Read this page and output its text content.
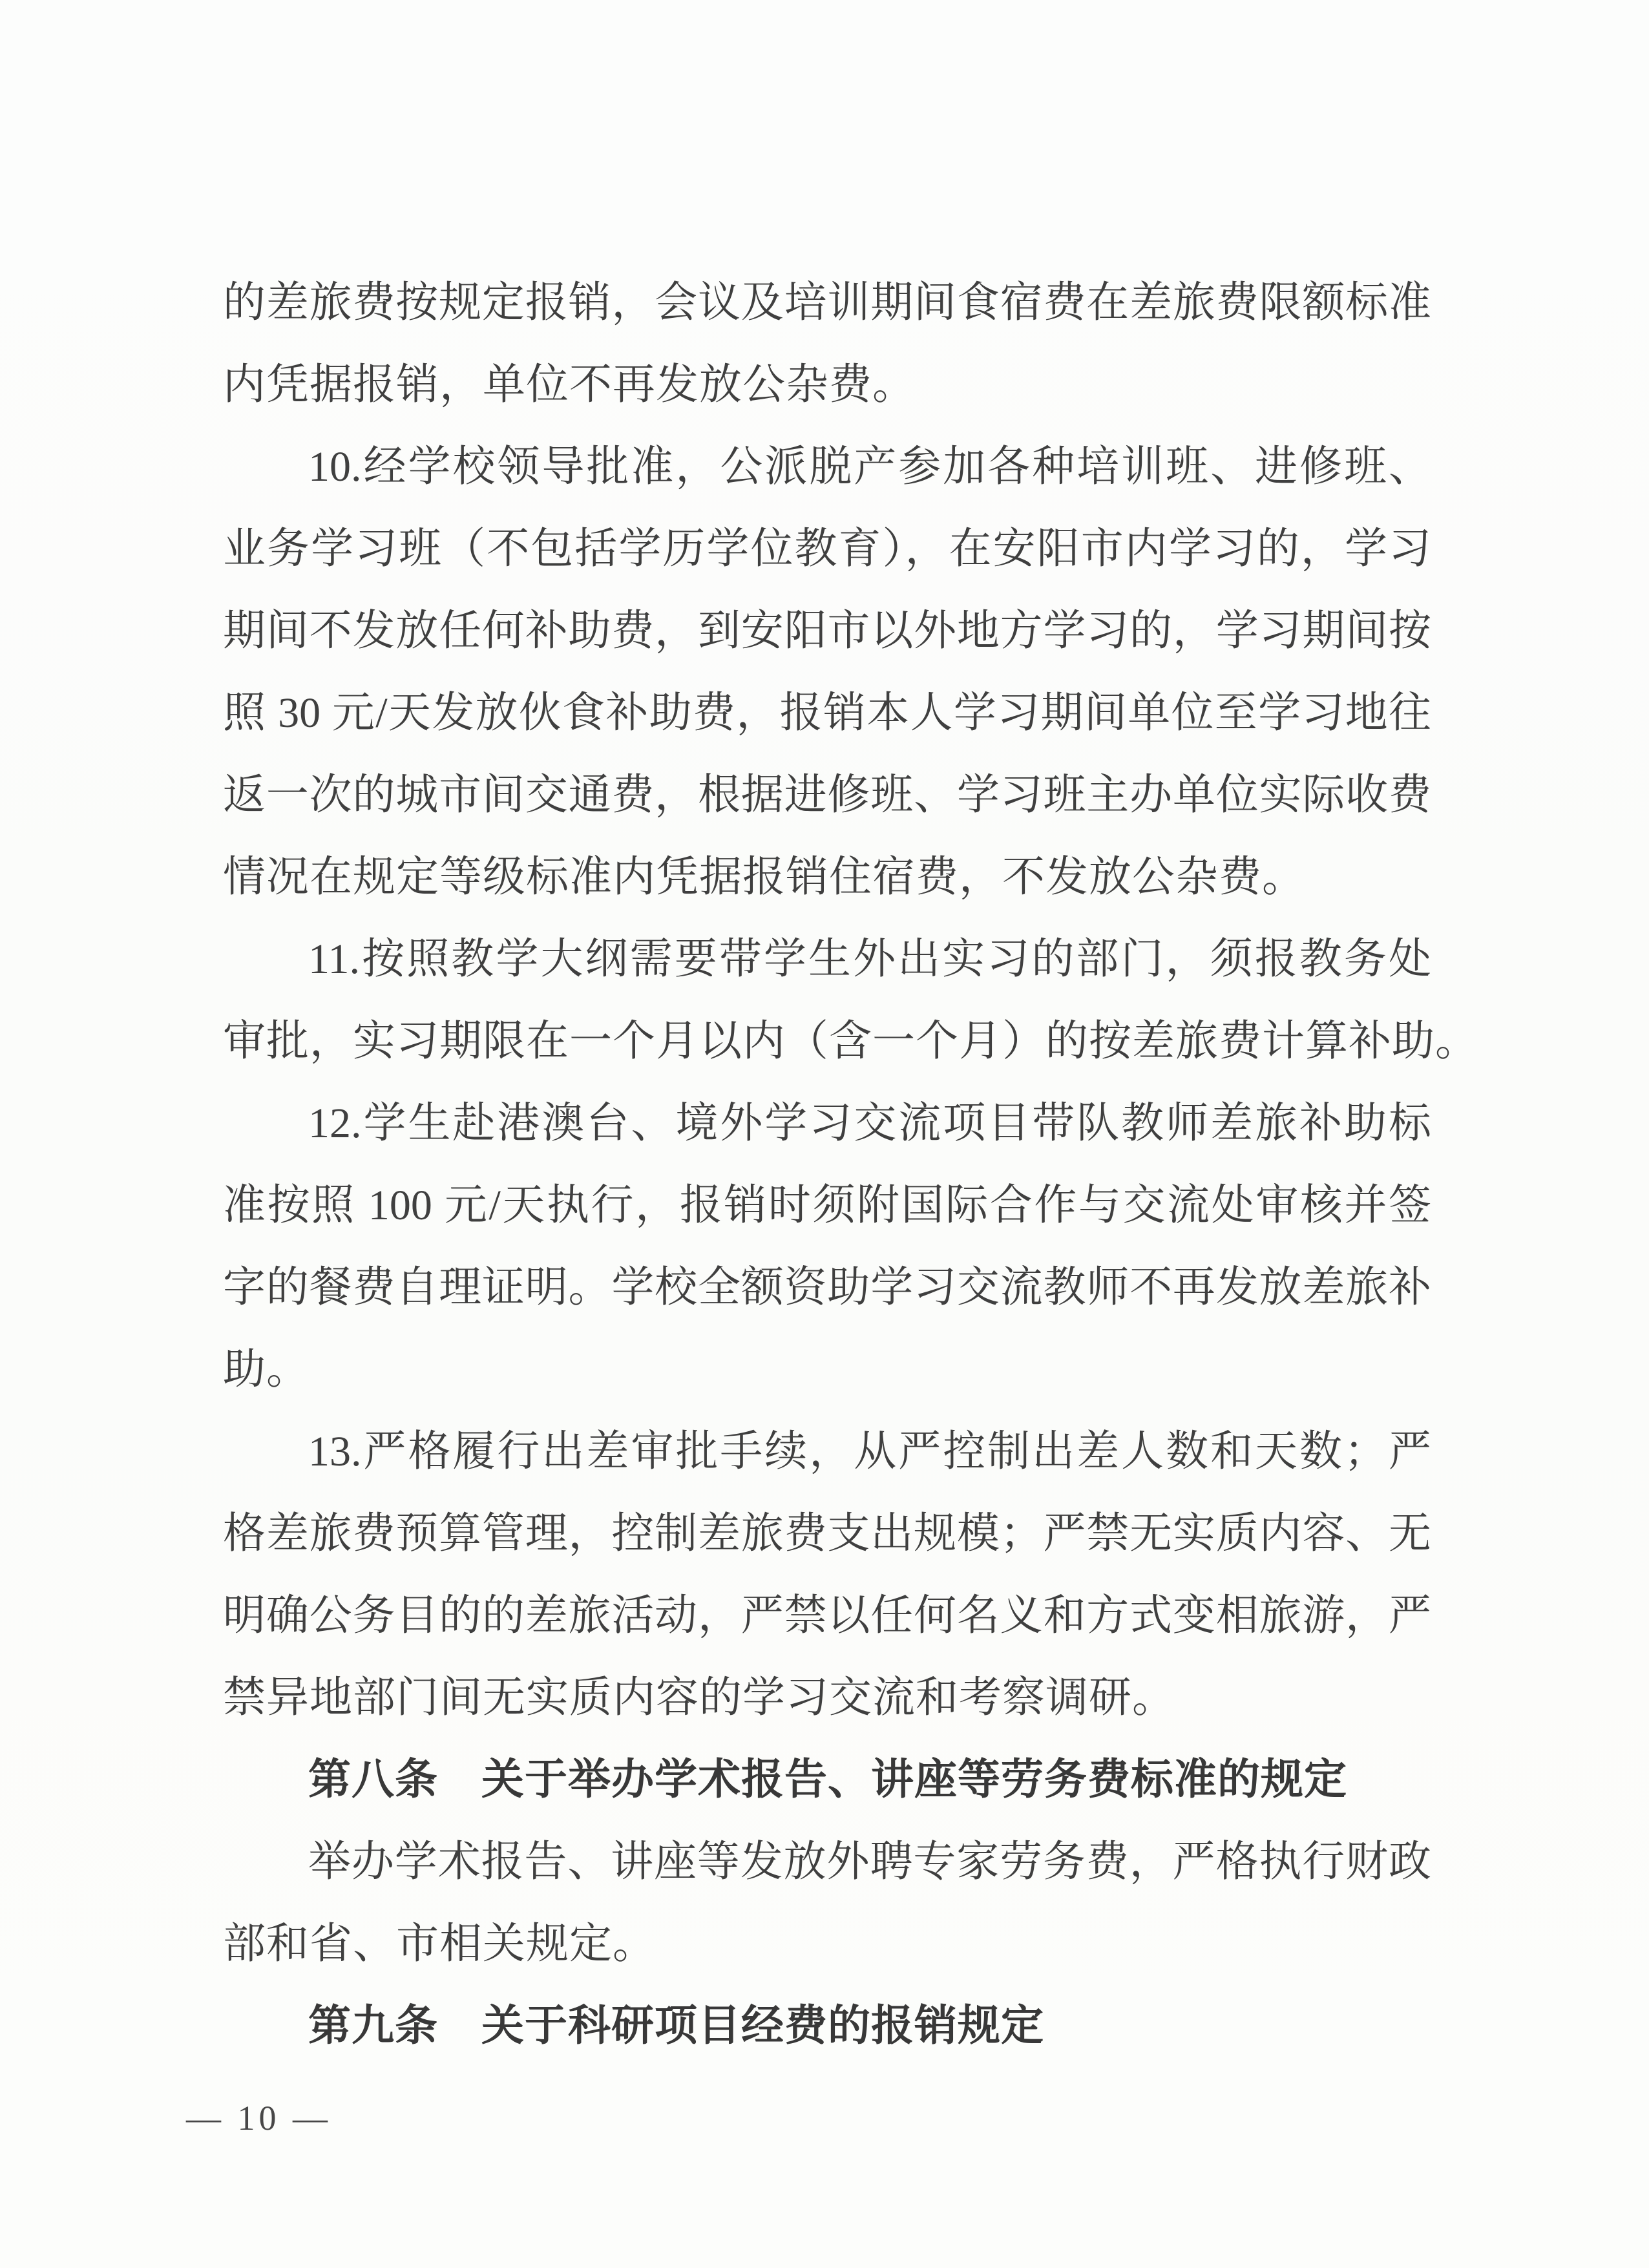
的差旅费按规定报销，会议及培训期间食宿费在差旅费限额标准
内凭据报销，单位不再发放公杂费。
10.经学校领导批准，公派脱产参加各种培训班、进修班、
业务学习班（不包括学历学位教育），在安阳市内学习的，学习
期间不发放任何补助费，到安阳市以外地方学习的，学习期间按
照 30 元/天发放伙食补助费，报销本人学习期间单位至学习地往
返一次的城市间交通费，根据进修班、学习班主办单位实际收费
情况在规定等级标准内凭据报销住宿费，不发放公杂费。
11.按照教学大纲需要带学生外出实习的部门，须报教务处
审批，实习期限在一个月以内（含一个月）的按差旅费计算补助。
12.学生赴港澳台、境外学习交流项目带队教师差旅补助标
准按照 100 元/天执行，报销时须附国际合作与交流处审核并签
字的餐费自理证明。学校全额资助学习交流教师不再发放差旅补
助。
13.严格履行出差审批手续，从严控制出差人数和天数；严
格差旅费预算管理，控制差旅费支出规模；严禁无实质内容、无
明确公务目的的差旅活动，严禁以任何名义和方式变相旅游，严
禁异地部门间无实质内容的学习交流和考察调研。
第八条　关于举办学术报告、讲座等劳务费标准的规定
举办学术报告、讲座等发放外聘专家劳务费，严格执行财政
部和省、市相关规定。
第九条　关于科研项目经费的报销规定
— 10 —
